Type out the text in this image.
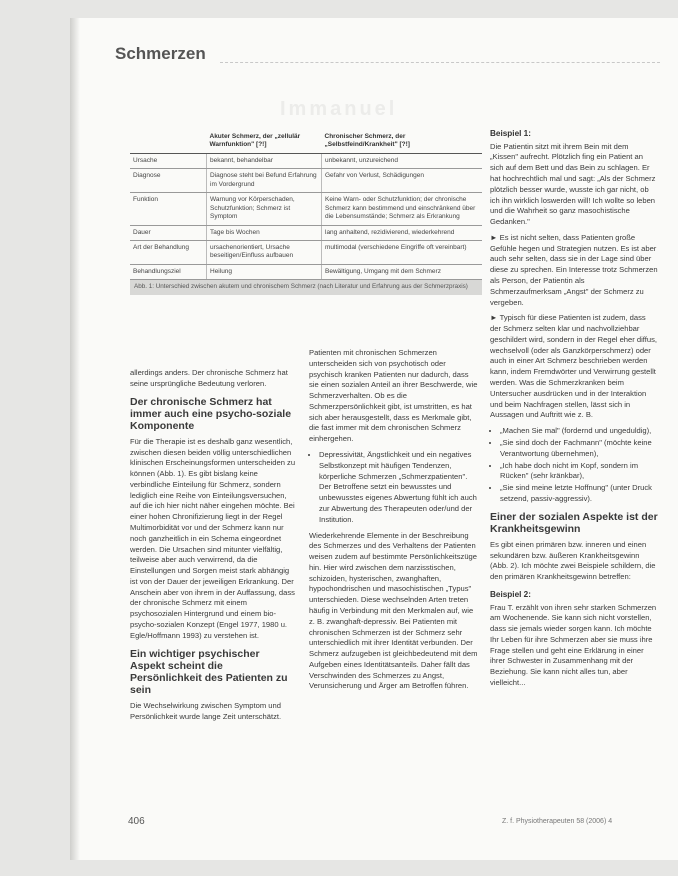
Schmerzen
Immanuel
	Akuter Schmerz, der „zellulär Warnfunktion" [?!]	Chronischer Schmerz, der „Selbstfeind/Krankheit" [?!]
Ursache	bekannt, behandelbar	unbekannt, unzureichend
Diagnose	Diagnose steht bei Befund Erfahrung im Vordergrund	Gefahr von Verlust, Schädigungen
Funktion	Warnung vor Körperschaden, Schutzfunktion; Schmerz ist Symptom	Keine Warn- oder Schutzfunktion; der chronische Schmerz kann bestimmend und einschränkend über die Lebensumstände; Schmerz als Erkrankung
Dauer	Tage bis Wochen	lang anhaltend, rezidivierend, wiederkehrend
Art der Behandlung	ursachenorientiert, Ursache beseitigen/Einfluss aufbauen	multimodal (verschiedene Eingriffe oft vereinbart)
Behandlungsziel	Heilung	Bewältigung, Umgang mit dem Schmerz
Abb. 1: Unterschied zwischen akutem und chronischem Schmerz (nach Literatur und Erfahrung aus der Schmerzpraxis)

allerdings anders. Der chronische Schmerz hat seine ursprüngliche Bedeutung verloren.

Der chronische Schmerz hat immer auch eine psycho-soziale Komponente

Für die Therapie ist es deshalb ganz wesentlich, zwischen diesen beiden völlig unterschiedlichen klinischen Erscheinungsformen unterscheiden zu können (Abb. 1). Es gibt bislang keine verbindliche Einteilung für Schmerz, sondern lediglich eine Reihe von Einteilungsversuchen, auf die ich hier nicht näher eingehen möchte. Bei einer hohen Chronifizierung liegt in der Regel Multimorbidität vor und der Schmerz kann nur noch ganzheitlich in ein Schema eingeordnet werden. Die Ursachen sind mitunter vielfältig, teilweise aber auch verwirrend, da die Einstellungen und Sorgen meist stark abhängig ist von der Dauer der jeweiligen Erkrankung. Der Anschein aber von ihrem in der Auffassung, dass der chronische Schmerz mit einem psychosozialen Hintergrund und einem bio-psycho-sozialen Konzept (Engel 1977, 1980 u. Egle/Hoffmann 1993) zu verstehen ist.

Ein wichtiger psychischer Aspekt scheint die Persönlichkeit des Patienten zu sein

Die Wechselwirkung zwischen Symptom und Persönlichkeit wurde lange Zeit unterschätzt.

Patienten mit chronischen Schmerzen unterscheiden sich von psychotisch oder psychisch kranken Patienten nur dadurch, dass sie einen sozialen Anteil an ihrer Beschwerde, wie Schmerzverhalten. Ob es die Schmerzpersönlichkeit gibt, ist umstritten, es hat sich aber herausgestellt, dass es Merkmale gibt, die fast immer mit dem chronischen Schmerz einhergehen.

• Depressivität, Ängstlichkeit und ein negatives Selbstkonzept mit häufigen Tendenzen, körperliche Schmerzen „Schmerzpatienten". Der Betroffene setzt ein bewusstes und unbewusstes eigenes Abwertung fühlt ich auch zur Abwertung des Therapeuten oder/und der Institution.

Wiederkehrende Elemente in der Beschreibung des Schmerzes und des Verhaltens der Patienten weisen zudem auf bestimmte Persönlichkeitszüge hin. Hier wird zwischen dem narzisstischen, schizoiden, hysterischen, zwanghaften, hypochondrischen und masochistischen „Typus" unterschieden. Diese wechselnden Arten treten häufig in Verbindung mit den Merkmalen auf, wie z. B. zwanghaft-depressiv. Bei Patienten mit chronischen Schmerzen ist der Schmerz sehr unterschiedlich mit ihrer Identität verbunden. Der Schmerz aufzugeben ist gleichbedeutend mit dem Aufgeben eines Identitätsanteils. Daher fällt das Verschwinden des Schmerzes zu Angst, Verunsicherung und Ärger am Betroffen führen.

Beispiel 1:

Die Patientin sitzt mit ihrem Bein mit dem „Kissen" aufrecht. Plötzlich fing ein Patient an sich auf dem Bett und das Bein zu schlagen. Er hat hochrechtlich mal und sagt: „Als der Schmerz plötzlich besser wurde, wusste ich gar nicht, ob ich ihn wirklich loswerden will! Ich wollte so leben und die Wahrheit so ganz masochistische Gedanken."

► Es ist nicht selten, dass Patienten große Gefühle hegen und Strategien nutzen. Es ist aber auch sehr selten, dass sie in der Lage sind über diese zu sprechen. Ein Interesse trotz Schmerzen als Person, der Patientin als Schmerzaufmerksam „Angst" der Schmerz zu vergeben.

► Typisch für diese Patienten ist zudem, dass der Schmerz selten klar und nachvollziehbar geschildert wird, sondern in der Regel eher diffus, wechselvoll (oder als Ganzkörperschmerz) oder auch in einer Art Schmerz beschrieben werden kann, indem Fremdwörter und Verwirrung gestellt werden. Was die Schmerzkranken beim Untersucher ausdrücken und in der Interaktion und beim Nachfragen stellen, lässt sich in Aussagen und Auftritt wie z. B.

• „Machen Sie mal" (fordernd und ungeduldig),
• „Sie sind doch der Fachmann" (möchte keine Verantwortung übernehmen),
• „Ich habe doch nicht im Kopf, sondern im Rücken" (sehr kränkbar),
• „Sie sind meine letzte Hoffnung" (unter Druck setzend, passiv-aggressiv).
Einer der sozialen Aspekte ist der Krankheitsgewinn

Es gibt einen primären bzw. inneren und einen sekundären bzw. äußeren Krankheitsgewinn (Abb. 2). Ich möchte zwei Beispiele schildern, die den primären Krankheitsgewinn betreffen:

Beispiel 2:

Frau T. erzählt von ihren sehr starken Schmerzen am Wochenende. Sie kann sich nicht vorstellen, dass sie jemals wieder sorgen kann. Ich möchte Ihr Leben für ihre Schmerzen aber sie muss ihre Frage stellen und geht eine Erklärung in einer ihrer Schwester in Zusammenhang mit der Beziehung. Sie kann nicht alles tun, aber vielleicht...

406	Z. f. Physiotherapeuten 58 (2006) 4
